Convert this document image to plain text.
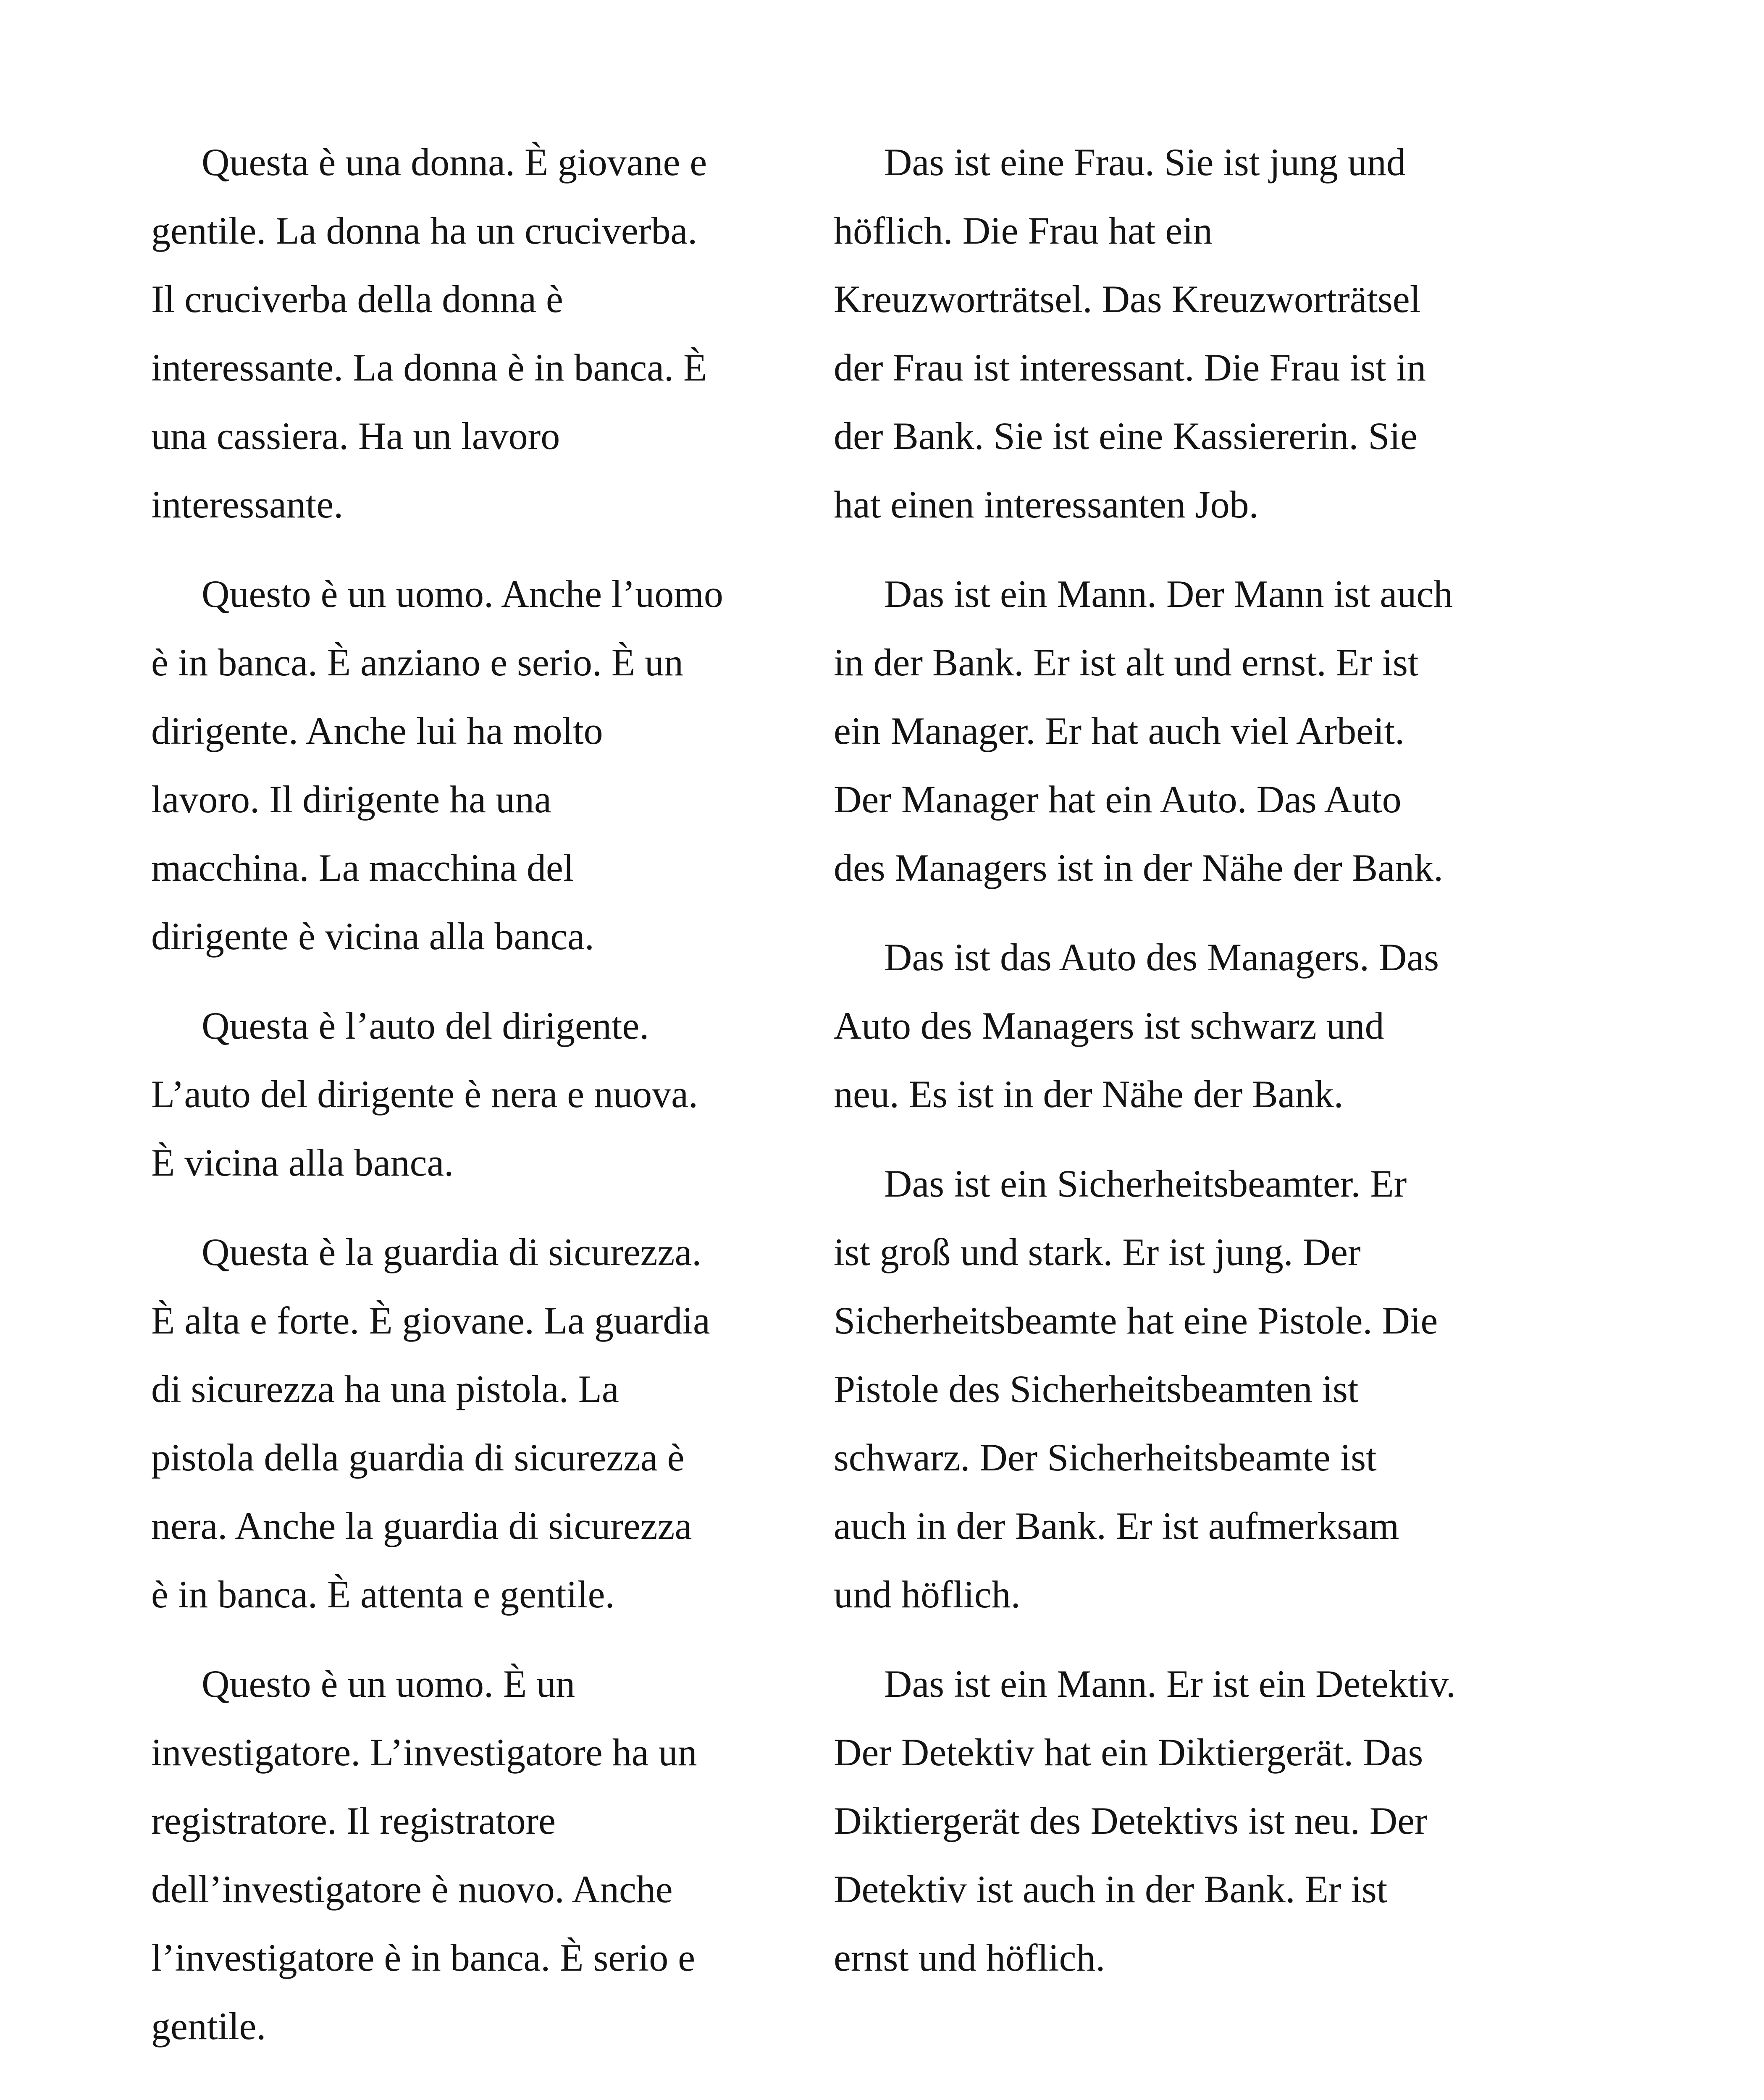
Questa è una donna. È giovane e
gentile. La donna ha un cruciverba.
Il cruciverba della donna è
interessante. La donna è in banca. È
una cassiera. Ha un lavoro
interessante.

Questo è un uomo. Anche l’uomo
è in banca. È anziano e serio. È un
dirigente. Anche lui ha molto
lavoro. Il dirigente ha una
macchina. La macchina del
dirigente è vicina alla banca.

Questa è l’auto del dirigente.
L’auto del dirigente è nera e nuova.
È vicina alla banca.

Questa è la guardia di sicurezza.
È alta e forte. È giovane. La guardia
di sicurezza ha una pistola. La
pistola della guardia di sicurezza è
nera. Anche la guardia di sicurezza
è in banca. È attenta e gentile.

Questo è un uomo. È un
investigatore. L’investigatore ha un
registratore. Il registratore
dell’investigatore è nuovo. Anche
l’investigatore è in banca. È serio e
gentile.

Das ist eine Frau. Sie ist jung und
höflich. Die Frau hat ein
Kreuzworträtsel. Das Kreuzworträtsel
der Frau ist interessant. Die Frau ist in
der Bank. Sie ist eine Kassiererin. Sie
hat einen interessanten Job.

Das ist ein Mann. Der Mann ist auch
in der Bank. Er ist alt und ernst. Er ist
ein Manager. Er hat auch viel Arbeit.
Der Manager hat ein Auto. Das Auto
des Managers ist in der Nähe der Bank.

Das ist das Auto des Managers. Das
Auto des Managers ist schwarz und
neu. Es ist in der Nähe der Bank.

Das ist ein Sicherheitsbeamter. Er
ist groß und stark. Er ist jung. Der
Sicherheitsbeamte hat eine Pistole. Die
Pistole des Sicherheitsbeamten ist
schwarz. Der Sicherheitsbeamte ist
auch in der Bank. Er ist aufmerksam
und höflich.

Das ist ein Mann. Er ist ein Detektiv.
Der Detektiv hat ein Diktiergerät. Das
Diktiergerät des Detektivs ist neu. Der
Detektiv ist auch in der Bank. Er ist
ernst und höflich.
